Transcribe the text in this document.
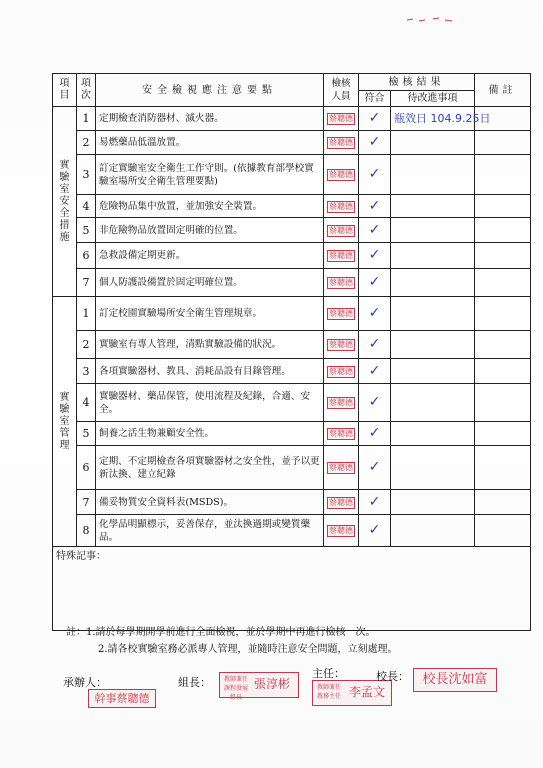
項目	項次	安全檢視應注意要點	檢核人員	檢核結果		備註
				符合	待改進事項	
實驗室安全措施	1	定期檢查消防器材、滅火器。	蔡聰德	✓	瓶效日 104.9.25日	
	2	易燃藥品低溫放置。	蔡聰德	✓		
	3	訂定實驗室安全衛生工作守則。(依據教育部學校實驗室場所安全衛生管理要點)	蔡聰德	✓		
	4	危險物品集中放置，並加強安全裝置。	蔡聰德	✓		
	5	非危險物品放置固定明確的位置。	蔡聰德	✓		
	6	急救設備定期更新。	蔡聰德	✓		
	7	個人防護設備置於固定明確位置。	蔡聰德	✓		
實驗室管理	1	訂定校園實驗場所安全衛生管理規章。	蔡聰德	✓		
	2	實驗室有專人管理，清點實驗設備的狀況。	蔡聰德	✓		
	3	各項實驗器材、教具、消耗品設有目錄管理。	蔡聰德	✓		
	4	實驗器材、藥品保管，使用流程及紀錄，合適、安全。	蔡聰德	✓		
	5	飼養之活生物兼顧安全性。	蔡聰德	✓		
	6	定期、不定期檢查各項實驗器材之安全性，並予以更新汰換、建立紀錄	蔡聰德	✓		
	7	備妥物質安全資料表(MSDS)。	蔡聰德	✓		
	8	化學品明顯標示，妥善保存，並汰換過期或變質藥品。	蔡聰德	✓		
特殊記事：						
註： 1.請於每學期開學前進行全面檢視，並於學期中再進行檢核一次。
2.請各校實驗室務必派專人管理，並隨時注意安全問題，立刻處理。
承辦人：
幹事蔡聰德
組長：	教師兼任 課程發展組長
張淳彬
主任：
教師兼任 教務主任 李孟文
校長：	校長沈如富
